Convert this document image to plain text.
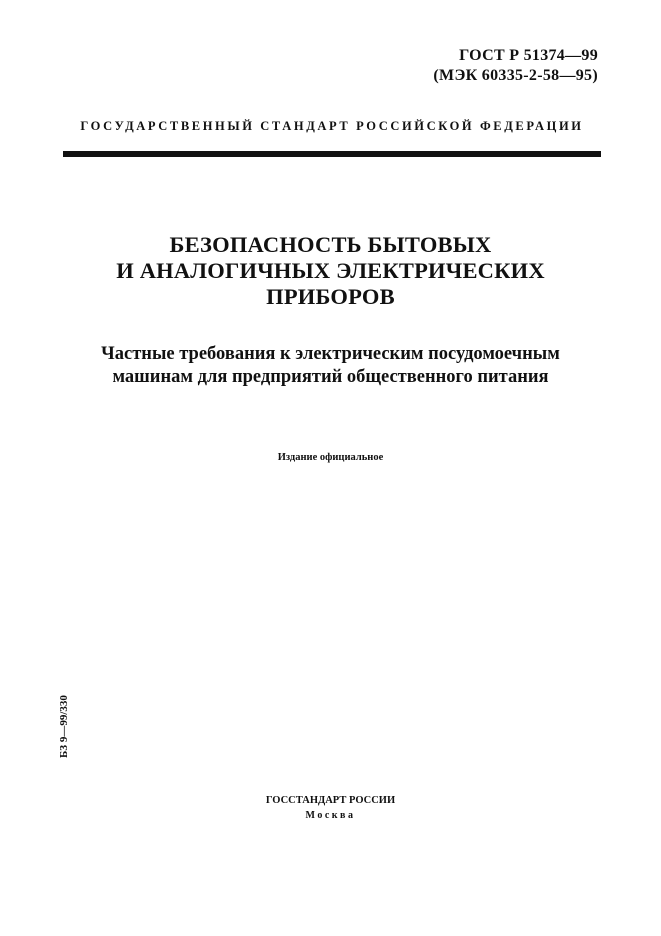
ГОСТ Р 51374—99
(МЭК 60335-2-58—95)
ГОСУДАРСТВЕННЫЙ СТАНДАРТ РОССИЙСКОЙ ФЕДЕРАЦИИ
БЕЗОПАСНОСТЬ БЫТОВЫХ
И АНАЛОГИЧНЫХ ЭЛЕКТРИЧЕСКИХ
ПРИБОРОВ
Частные требования к электрическим посудомоечным
машинам для предприятий общественного питания
Издание официальное
БЗ 9—99/330
ГОССТАНДАРТ РОССИИ
Москва
